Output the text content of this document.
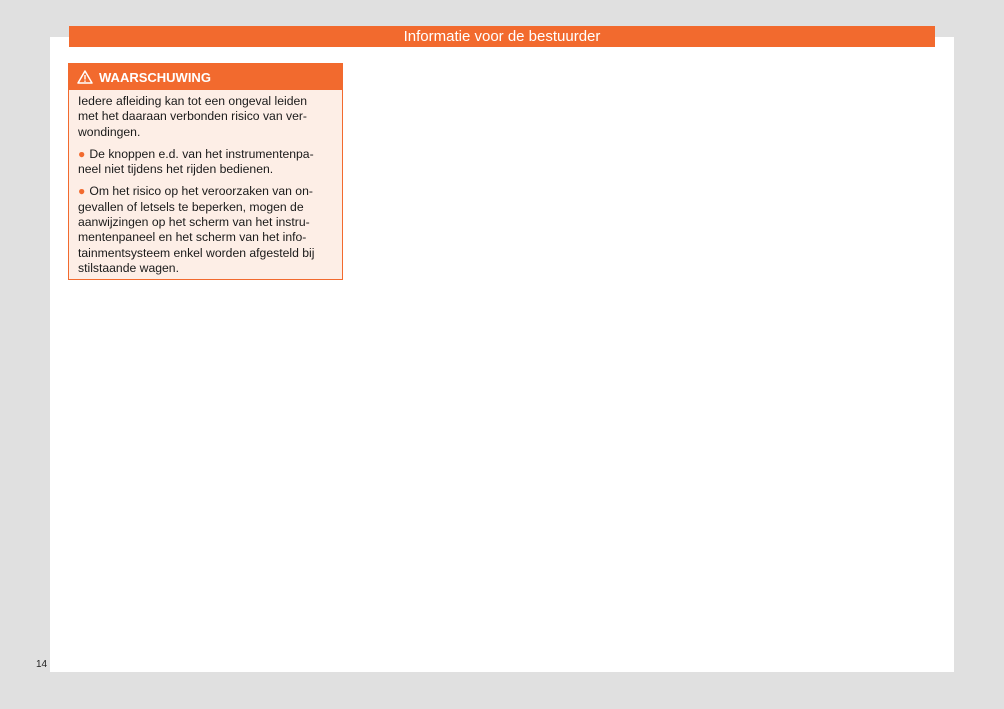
Informatie voor de bestuurder
WAARSCHUWING

Iedere afleiding kan tot een ongeval leiden
met het daaraan verbonden risico van ver-
wondingen.

● De knoppen e.d. van het instrumentenpa-
neel niet tijdens het rijden bedienen.

● Om het risico op het veroorzaken van on-
gevallen of letsels te beperken, mogen de
aanwijzingen op het scherm van het instru-
mentenpaneel en het scherm van het info-
tainmentsysteem enkel worden afgesteld bij
stilstaande wagen.

14
